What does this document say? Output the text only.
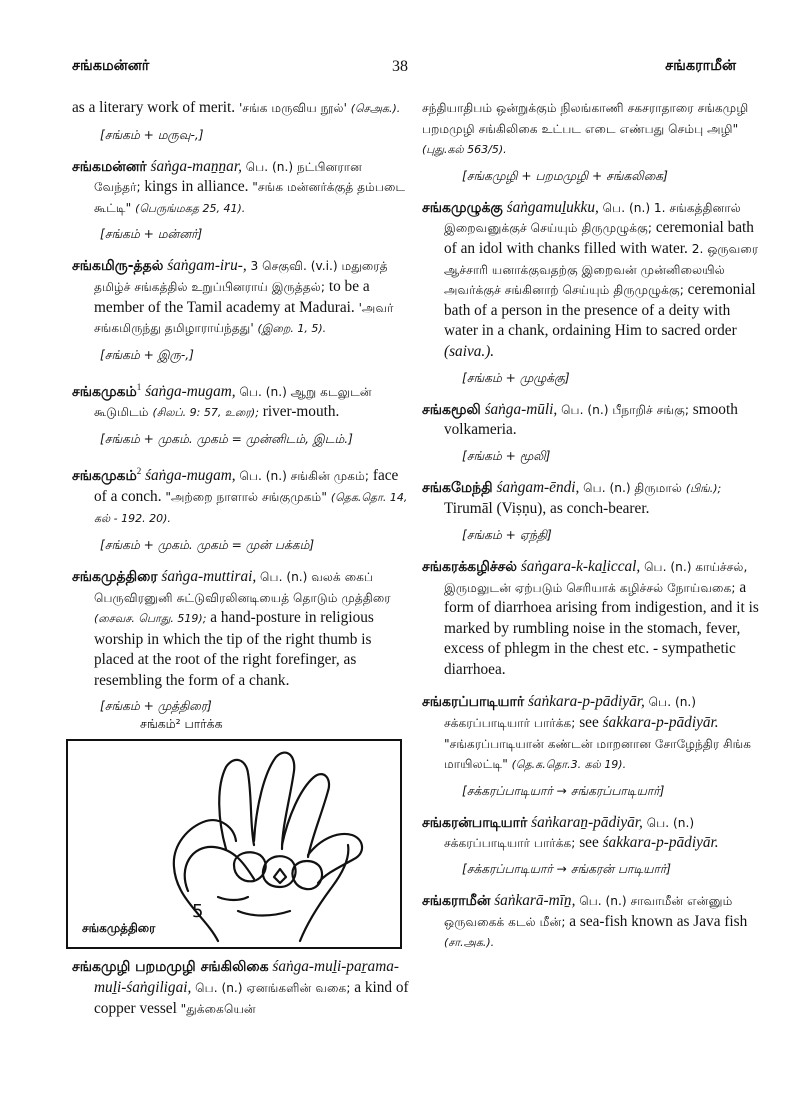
சங்கமன்னர்	38	சங்கராமீன்

as a literary work of merit. 'சங்க மருவிய நூல்' (செஅக.).

[சங்கம் + மருவு-,]

சங்கமன்னர் śaṅga-maṉṉar, பெ. (n.) நட்பினரான வேந்தர்; kings in alliance. "சங்க மன்னர்க்குத் தம்படை கூட்டி" (பெருங்மகத 25, 41).

[சங்கம் + மன்னர்]

சங்கமிரு-த்தல் śaṅgam-iru-, 3 செகுவி. (v.i.) மதுரைத் தமிழ்ச் சங்கத்தில் உறுப்பினராய் இருத்தல்; to be a member of the Tamil academy at Madurai. 'அவர் சங்கமிருந்து தமிழாராய்ந்தது' (இறை. 1, 5).

[சங்கம் + இரு-,]

சங்கமுகம்$^1$ śaṅga-mugam, பெ. (n.) ஆறு கடலுடன் கூடுமிடம் (சிலப். 9: 57, உரை); river-mouth.

[சங்கம் + முகம். முகம் = முன்னிடம், இடம்.]

சங்கமுகம்$^2$ śaṅga-mugam, பெ. (n.) சங்கின் முகம்; face of a conch. "அற்றை நாளால் சங்குமுகம்" (தெக.தொ. 14, கல் - 192. 20).

[சங்கம் + முகம். முகம் = முன் பக்கம்]

சங்கமுத்திரை śaṅga-muttirai, பெ. (n.) வலக் கைப் பெருவிரனுனி சுட்டுவிரலினடியைத் தொடும் முத்திரை (சைவச. பொது. 519); a hand-posture in religious worship in which the tip of the right thumb is placed at the root of the right forefinger, as resembling the form of a chank.

[சங்கம் + முத்திரை]
சங்கம்² பார்க்க
5
சங்கமுத்திரை

சங்கமுழி பறமமுழி சங்கிலிகை śaṅga-muḻi-paṟama-muḻi-śaṅgiligai, பெ. (n.) ஏனங்களின் வகை; a kind of copper vessel "துக்கையென்

சந்தியாதிபம் ஒன்றுக்கும் நிலங்காணி சகசராதாரை சங்கமுழி பறமமுழி சங்கிலிகை உட்பட எடை எண்பது செம்பு அழி" (புது.கல் 563/5).

[சங்கமுழி + பறமமுழி + சங்கலிகை]

சங்கமுழுக்கு śaṅgamuḻukku, பெ. (n.) 1. சங்கத்தினால் இறைவனுக்குச் செய்யும் திருமுழுக்கு; ceremonial bath of an idol with chanks filled with water. 2. ஒருவரை ஆச்சாரி யனாக்குவதற்கு இறைவன் முன்னிலையில் அவர்க்குச் சங்கினாற் செய்யும் திருமுழுக்கு; ceremonial bath of a person in the presence of a deity with water in a chank, ordaining Him to sacred order (saiva.).

[சங்கம் + முழுக்கு]

சங்கமூலி śaṅga-mūli, பெ. (n.) பீநாறிச் சங்கு; smooth volkameria.

[சங்கம் + மூலி]

சங்கமேந்தி śaṅgam-ēndi, பெ. (n.) திருமால் (பிங்.); Tirumāl (Viṣṇu), as conch-bearer.

[சங்கம் + ஏந்தி]

சங்கரக்கழிச்சல் śaṅgara-k-kaḻiccal, பெ. (n.) காய்ச்சல், இருமலுடன் ஏற்படும் செரியாக் கழிச்சல் நோய்வகை; a form of diarrhoea arising from indigestion, and it is marked by rumbling noise in the stomach, fever, excess of phlegm in the chest etc. - sympathetic diarrhoea.

சங்கரப்பாடியார் śaṅkara-p-pādiyār, பெ. (n.) சக்கரப்பாடியார் பார்க்க; see śakkara-p-pādiyār. "சங்கரப்பாடியான் கண்டன் மாறனான சோழேந்திர சிங்க மாயிலட்டி" (தெ.க.தொ.3. கல் 19).

[சக்கரப்பாடியார் → சங்கரப்பாடியார்]

சங்கரன்பாடியார் śaṅkaraṉ-pādiyār, பெ. (n.) சக்கரப்பாடியார் பார்க்க; see śakkara-p-pādiyār.

[சக்கரப்பாடியார் → சங்கரன் பாடியார்]

சங்கராமீன் śaṅkarā-mīṉ, பெ. (n.) சாவாமீன் என்னும் ஒருவகைக் கடல் மீன்; a sea-fish known as Java fish (சா.அக.).
